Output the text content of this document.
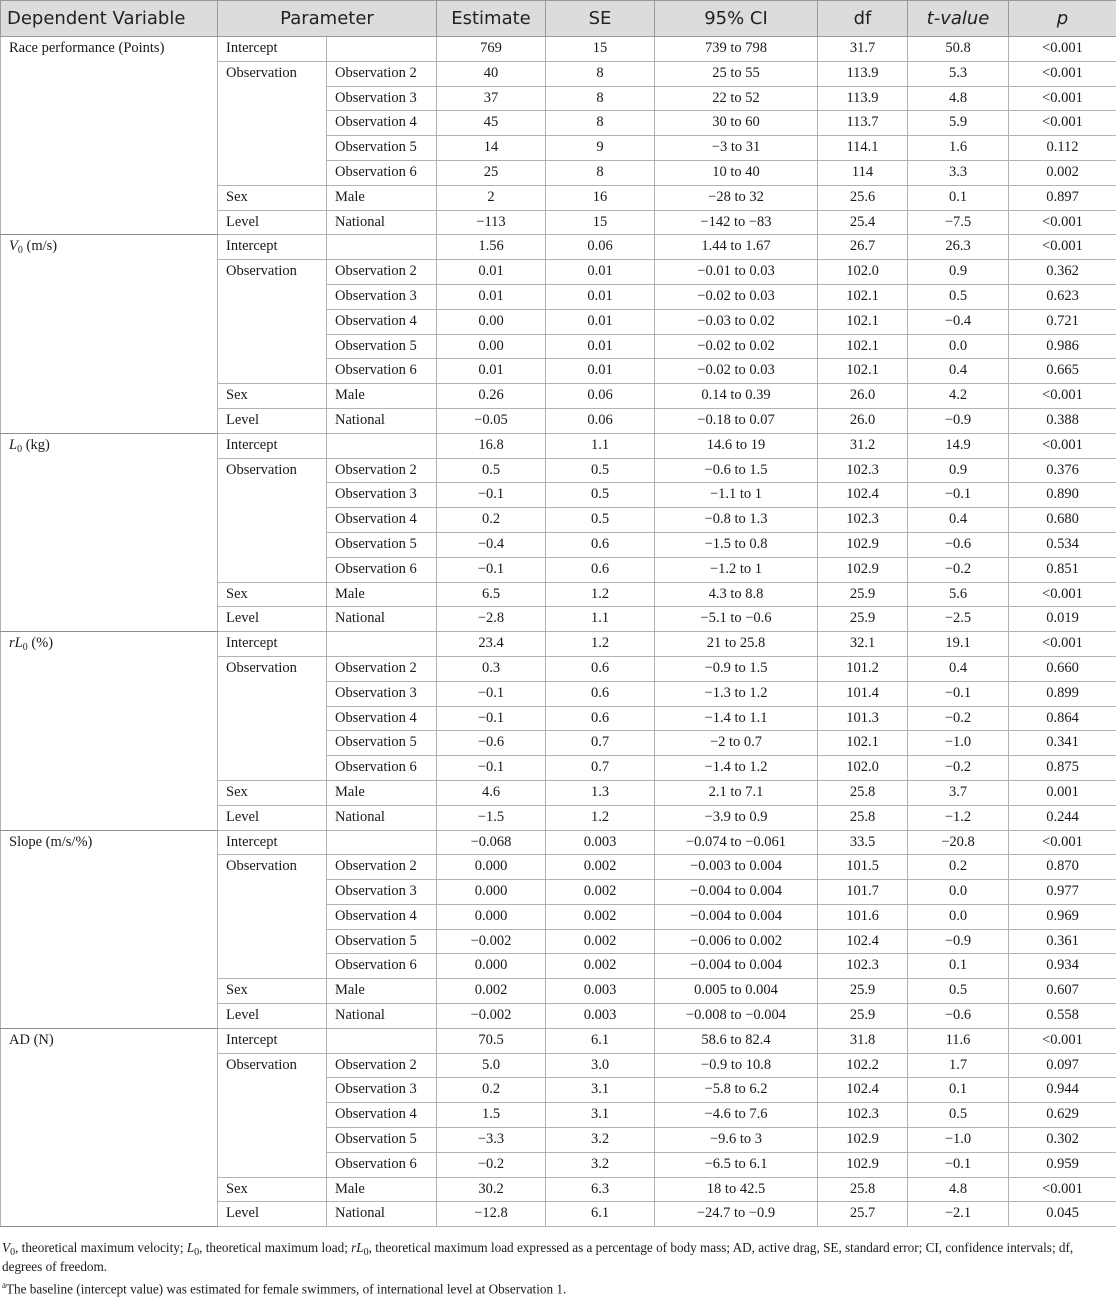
Dependent Variable	Parameter		Estimate	SE	95% CI	df	t-value	p
Race performance (Points)	Intercept		769	15	739 to 798	31.7	50.8	<0.001
	Observation	Observation 2	40	8	25 to 55	113.9	5.3	<0.001
		Observation 3	37	8	22 to 52	113.9	4.8	<0.001
		Observation 4	45	8	30 to 60	113.7	5.9	<0.001
		Observation 5	14	9	−3 to 31	114.1	1.6	0.112
		Observation 6	25	8	10 to 40	114	3.3	0.002
	Sex	Male	2	16	−28 to 32	25.6	0.1	0.897
	Level	National	−113	15	−142 to −83	25.4	−7.5	<0.001
$V_0$ (m/s)	Intercept		1.56	0.06	1.44 to 1.67	26.7	26.3	<0.001
	Observation	Observation 2	0.01	0.01	−0.01 to 0.03	102.0	0.9	0.362
		Observation 3	0.01	0.01	−0.02 to 0.03	102.1	0.5	0.623
		Observation 4	0.00	0.01	−0.03 to 0.02	102.1	−0.4	0.721
		Observation 5	0.00	0.01	−0.02 to 0.02	102.1	0.0	0.986
		Observation 6	0.01	0.01	−0.02 to 0.03	102.1	0.4	0.665
	Sex	Male	0.26	0.06	0.14 to 0.39	26.0	4.2	<0.001
	Level	National	−0.05	0.06	−0.18 to 0.07	26.0	−0.9	0.388
$L_0$ (kg)	Intercept		16.8	1.1	14.6 to 19	31.2	14.9	<0.001
	Observation	Observation 2	0.5	0.5	−0.6 to 1.5	102.3	0.9	0.376
		Observation 3	−0.1	0.5	−1.1 to 1	102.4	−0.1	0.890
		Observation 4	0.2	0.5	−0.8 to 1.3	102.3	0.4	0.680
		Observation 5	−0.4	0.6	−1.5 to 0.8	102.9	−0.6	0.534
		Observation 6	−0.1	0.6	−1.2 to 1	102.9	−0.2	0.851
	Sex	Male	6.5	1.2	4.3 to 8.8	25.9	5.6	<0.001
	Level	National	−2.8	1.1	−5.1 to −0.6	25.9	−2.5	0.019
$rL_0$ (%)	Intercept		23.4	1.2	21 to 25.8	32.1	19.1	<0.001
	Observation	Observation 2	0.3	0.6	−0.9 to 1.5	101.2	0.4	0.660
		Observation 3	−0.1	0.6	−1.3 to 1.2	101.4	−0.1	0.899
		Observation 4	−0.1	0.6	−1.4 to 1.1	101.3	−0.2	0.864
		Observation 5	−0.6	0.7	−2 to 0.7	102.1	−1.0	0.341
		Observation 6	−0.1	0.7	−1.4 to 1.2	102.0	−0.2	0.875
	Sex	Male	4.6	1.3	2.1 to 7.1	25.8	3.7	0.001
	Level	National	−1.5	1.2	−3.9 to 0.9	25.8	−1.2	0.244
Slope (m/s/%)	Intercept		−0.068	0.003	−0.074 to −0.061	33.5	−20.8	<0.001
	Observation	Observation 2	0.000	0.002	−0.003 to 0.004	101.5	0.2	0.870
		Observation 3	0.000	0.002	−0.004 to 0.004	101.7	0.0	0.977
		Observation 4	0.000	0.002	−0.004 to 0.004	101.6	0.0	0.969
		Observation 5	−0.002	0.002	−0.006 to 0.002	102.4	−0.9	0.361
		Observation 6	0.000	0.002	−0.004 to 0.004	102.3	0.1	0.934
	Sex	Male	0.002	0.003	0.005 to 0.004	25.9	0.5	0.607
	Level	National	−0.002	0.003	−0.008 to −0.004	25.9	−0.6	0.558
AD (N)	Intercept		70.5	6.1	58.6 to 82.4	31.8	11.6	<0.001
	Observation	Observation 2	5.0	3.0	−0.9 to 10.8	102.2	1.7	0.097
		Observation 3	0.2	3.1	−5.8 to 6.2	102.4	0.1	0.944
		Observation 4	1.5	3.1	−4.6 to 7.6	102.3	0.5	0.629
		Observation 5	−3.3	3.2	−9.6 to 3	102.9	−1.0	0.302
		Observation 6	−0.2	3.2	−6.5 to 6.1	102.9	−0.1	0.959
	Sex	Male	30.2	6.3	18 to 42.5	25.8	4.8	<0.001
	Level	National	−12.8	6.1	−24.7 to −0.9	25.7	−2.1	0.045

$V_0$, theoretical maximum velocity; $L_0$, theoretical maximum load; $rL_0$, theoretical maximum load expressed as a percentage of body mass; AD, active drag, SE, standard error; CI, confidence intervals; df, degrees of freedom.

$^a$The baseline (intercept value) was estimated for female swimmers, of international level at Observation 1.
